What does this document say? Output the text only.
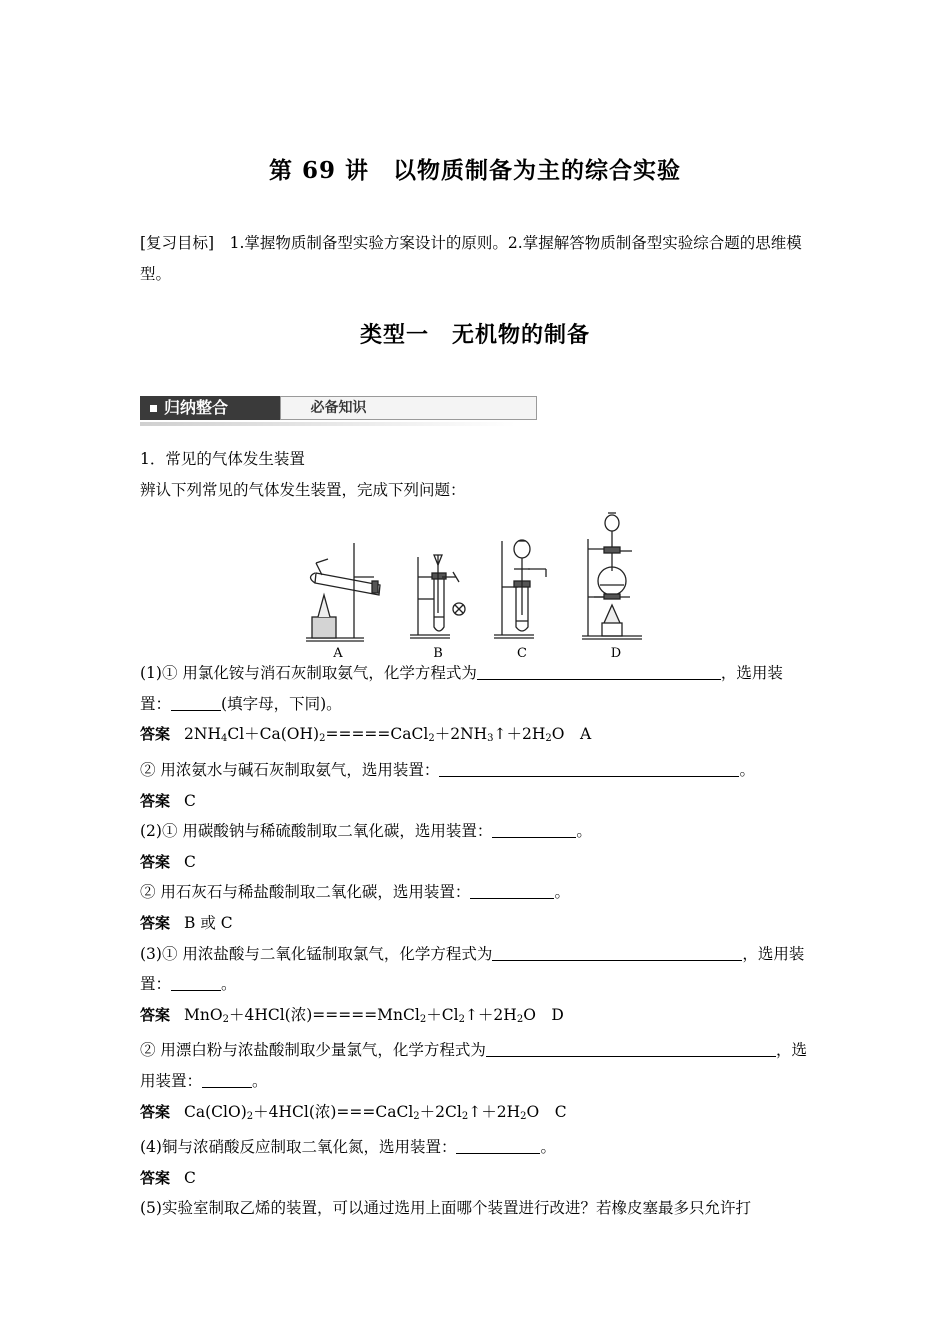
第 69 讲　以物质制备为主的综合实验
[复习目标]　1.掌握物质制备型实验方案设计的原则。2.掌握解答物质制备型实验综合题的思维模型。
类型一　无机物的制备
必备知识
归纳整合
A	B	C	D

1．常见的气体发生装置

辨认下列常见的气体发生装置，完成下列问题：

(1)① 用氯化铵与消石灰制取氨气，化学方程式为	，选用装置：	(填字母，下同)。

答案 $2NH_4Cl+Ca(OH)_2=====CaCl_2+2NH_3↑+2H_2O$　A

② 用浓氨水与碱石灰制取氨气，选用装置：	。

答案 C

(2)① 用碳酸钠与稀硫酸制取二氧化碳，选用装置：	。

答案 C

② 用石灰石与稀盐酸制取二氧化碳，选用装置：	。

答案 B 或 C

(3)① 用浓盐酸与二氧化锰制取氯气，化学方程式为	，选用装置：	。

答案 MnO$_2$＋4HCl(浓)$=====MnCl_2+Cl_2↑+2H_2O$　D

② 用漂白粉与浓盐酸制取少量氯气，化学方程式为	，选用装置：	。

答案 $Ca(ClO)_2+4HCl$(浓)$===CaCl_2+2Cl_2↑+2H_2O$　C

(4)铜与浓硝酸反应制取二氧化氮，选用装置：	。

答案 C

(5)实验室制取乙烯的装置，可以通过选用上面哪个装置进行改进？若橡皮塞最多只允许打
